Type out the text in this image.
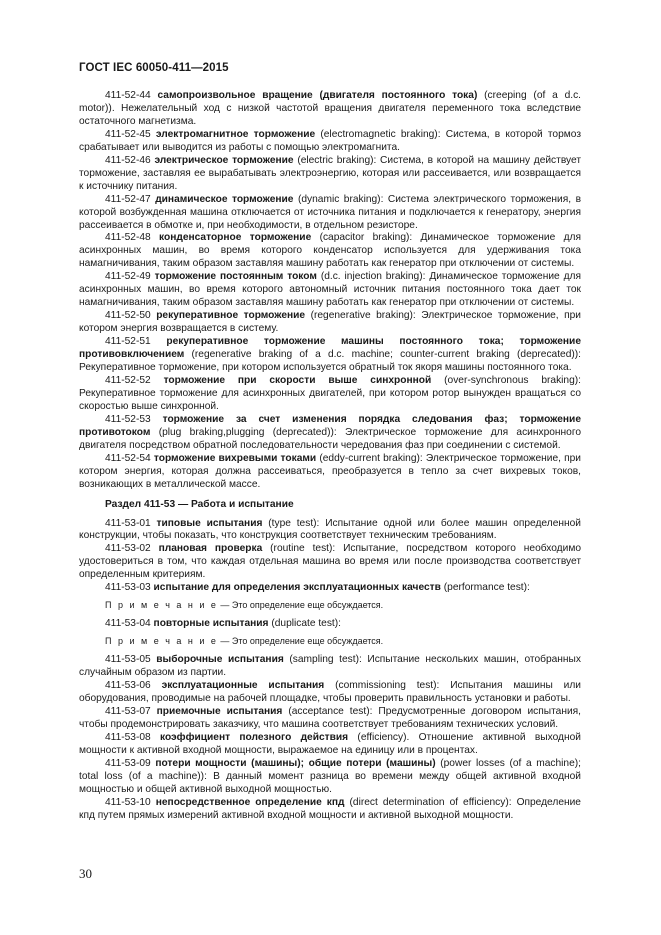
ГОСТ IEC 60050-411—2015

411-52-44 самопроизвольное вращение (двигателя постоянного тока) (creeping (of a d.c. motor)). Нежелательный ход с низкой частотой вращения двигателя переменного тока вследствие остаточного магнетизма.

411-52-45 электромагнитное торможение (electromagnetic braking): Система, в которой тормоз срабатывает или выводится из работы с помощью электромагнита.

411-52-46 электрическое торможение (electric braking): Система, в которой на машину действует торможение, заставляя ее вырабатывать электроэнергию, которая или рассеивается, или возвращается к источнику питания.

411-52-47 динамическое торможение (dynamic braking): Система электрического торможения, в которой возбужденная машина отключается от источника питания и подключается к генератору, энергия рассеивается в обмотке и, при необходимости, в отдельном резисторе.

411-52-48 конденсаторное торможение (capacitor braking): Динамическое торможение для асинхронных машин, во время которого конденсатор используется для удерживания тока намагничивания, таким образом заставляя машину работать как генератор при отключении от системы.

411-52-49 торможение постоянным током (d.c. injection braking): Динамическое торможение для асинхронных машин, во время которого автономный источник питания постоянного тока дает ток намагничивания, таким образом заставляя машину работать как генератор при отключении от системы.

411-52-50 рекуперативное торможение (regenerative braking): Электрическое торможение, при котором энергия возвращается в систему.

411-52-51 рекуперативное торможение машины постоянного тока; торможение противовключением (regenerative braking of a d.c. machine; counter-current braking (deprecated)): Рекуперативное торможение, при котором используется обратный ток якоря машины постоянного тока.

411-52-52 торможение при скорости выше синхронной (over-synchronous braking): Рекуперативное торможение для асинхронных двигателей, при котором ротор вынужден вращаться со скоростью выше синхронной.

411-52-53 торможение за счет изменения порядка следования фаз; торможение противотоком (plug braking,plugging (deprecated)): Электрическое торможение для асинхронного двигателя посредством обратной последовательности чередования фаз при соединении с системой.

411-52-54 торможение вихревыми токами (eddy-current braking): Электрическое торможение, при котором энергия, которая должна рассеиваться, преобразуется в тепло за счет вихревых токов, возникающих в металлической массе.

Раздел 411-53 — Работа и испытание

411-53-01 типовые испытания (type test): Испытание одной или более машин определенной конструкции, чтобы показать, что конструкция соответствует техническим требованиям.

411-53-02 плановая проверка (routine test): Испытание, посредством которого необходимо удостовериться в том, что каждая отдельная машина во время или после производства соответствует определенным критериям.

411-53-03 испытание для определения эксплуатационных качеств (performance test):

П р и м е ч а н и е — Это определение еще обсуждается.

411-53-04 повторные испытания (duplicate test):

П р и м е ч а н и е — Это определение еще обсуждается.

411-53-05 выборочные испытания (sampling test): Испытание нескольких машин, отобранных случайным образом из партии.

411-53-06 эксплуатационные испытания (commissioning test): Испытания машины или оборудования, проводимые на рабочей площадке, чтобы проверить правильность установки и работы.

411-53-07 приемочные испытания (acceptance test): Предусмотренные договором испытания, чтобы продемонстрировать заказчику, что машина соответствует требованиям технических условий.

411-53-08 коэффициент полезного действия (efficiency). Отношение активной выходной мощности к активной входной мощности, выражаемое на единицу или в процентах.

411-53-09 потери мощности (машины); общие потери (машины) (power losses (of a machine); total loss (of a machine)): В данный момент разница во времени между общей активной входной мощностью и общей активной выходной мощностью.

411-53-10 непосредственное определение кпд (direct determination of efficiency): Определение кпд путем прямых измерений активной входной мощности и активной выходной мощности.

30
